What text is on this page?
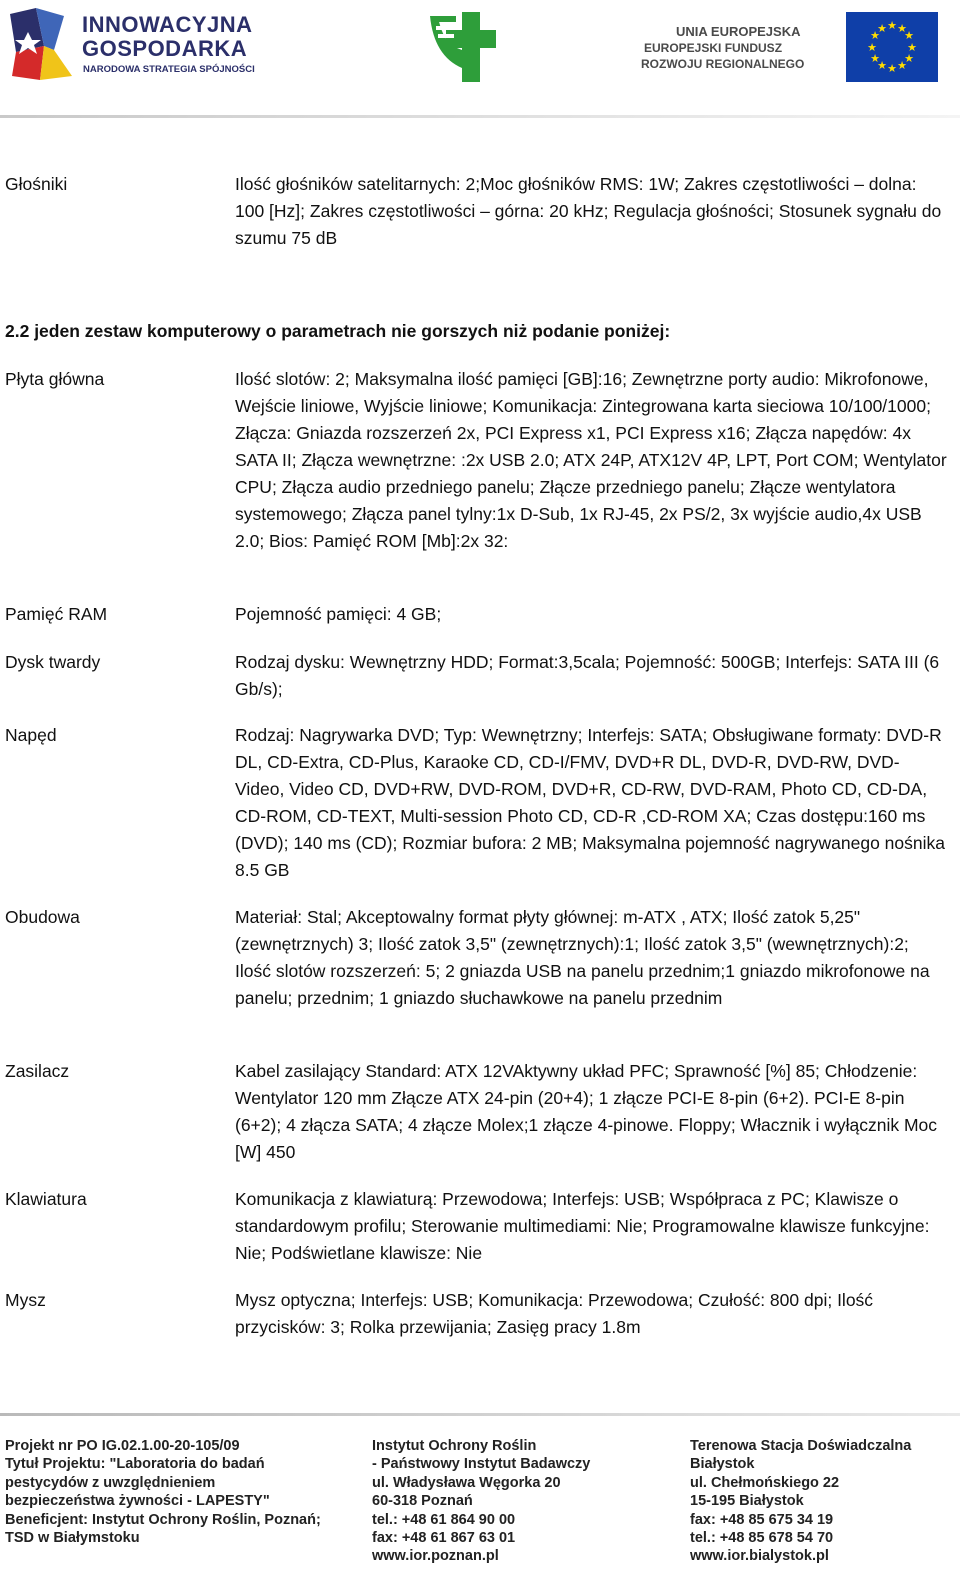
INNOWACYJNA
GOSPODARKA
NARODOWA STRATEGIA SPÓJNOŚCI
UNIA EUROPEJSKA
EUROPEJSKI FUNDUSZ
ROZWOJU REGIONALNEGO
★ ★
★
★
★
★
★
★
★
★
★
★
Głośniki	Ilość głośników satelitarnych: 2;Moc głośników RMS: 1W; Zakres częstotliwości – dolna: 100 [Hz]; Zakres częstotliwości – górna: 20 kHz; Regulacja głośności; Stosunek sygnału do szumu 75 dB
2.2 jeden zestaw komputerowy o parametrach nie gorszych niż podanie poniżej:
Płyta główna	Ilość slotów: 2; Maksymalna ilość pamięci [GB]:16; Zewnętrzne porty audio: Mikrofonowe, Wejście liniowe, Wyjście liniowe; Komunikacja: Zintegrowana karta sieciowa 10/100/1000; Złącza: Gniazda rozszerzeń 2x, PCI Express x1, PCI Express x16; Złącza napędów: 4x SATA II; Złącza wewnętrzne: :2x USB 2.0; ATX 24P, ATX12V 4P, LPT, Port COM; Wentylator CPU; Złącza audio przedniego panelu; Złącze przedniego panelu; Złącze wentylatora systemowego; Złącza panel tylny:1x D-Sub, 1x RJ-45, 2x PS/2, 3x wyjście audio,4x USB 2.0; Bios: Pamięć ROM [Mb]:2x 32:
Pamięć RAM	Pojemność pamięci: 4 GB;
Dysk twardy	Rodzaj dysku: Wewnętrzny HDD; Format:3,5cala; Pojemność: 500GB; Interfejs: SATA III (6 Gb/s);
Napęd	Rodzaj: Nagrywarka DVD; Typ: Wewnętrzny; Interfejs: SATA; Obsługiwane formaty: DVD-R DL, CD-Extra, CD-Plus, Karaoke CD, CD-I/FMV, DVD+R DL, DVD-R, DVD-RW, DVD-Video, Video CD, DVD+RW, DVD-ROM, DVD+R, CD-RW, DVD-RAM, Photo CD, CD-DA, CD-ROM, CD-TEXT, Multi-session Photo CD, CD-R ,CD-ROM XA; Czas dostępu:160 ms (DVD); 140 ms (CD); Rozmiar bufora: 2 MB; Maksymalna pojemność nagrywanego nośnika 8.5 GB
Obudowa	Materiał: Stal; Akceptowalny format płyty głównej: m-ATX , ATX; Ilość zatok 5,25" (zewnętrznych) 3; Ilość zatok 3,5" (zewnętrznych):1; Ilość zatok 3,5" (wewnętrznych):2; Ilość slotów rozszerzeń: 5; 2 gniazda USB na panelu przednim;1 gniazdo mikrofonowe na panelu; przednim; 1 gniazdo słuchawkowe na panelu przednim
Zasilacz	Kabel zasilający Standard: ATX 12VAktywny układ PFC; Sprawność [%] 85; Chłodzenie: Wentylator 120 mm Złącze ATX 24-pin (20+4); 1 złącze PCI-E 8-pin (6+2). PCI-E 8-pin (6+2); 4 złącza SATA; 4 złącze Molex;1 złącze 4-pinowe. Floppy; Włacznik i wyłącznik Moc [W] 450
Klawiatura	Komunikacja z klawiaturą: Przewodowa; Interfejs: USB; Współpraca z PC; Klawisze o standardowym profilu; Sterowanie multimediami: Nie; Programowalne klawisze funkcyjne: Nie; Podświetlane klawisze: Nie
Mysz	Mysz optyczna; Interfejs: USB; Komunikacja: Przewodowa; Czułość: 800 dpi; Ilość przycisków: 3; Rolka przewijania; Zasięg pracy 1.8m
Projekt nr PO IG.02.1.00-20-105/09
Tytuł Projektu: "Laboratoria do badań
pestycydów z uwzględnieniem
bezpieczeństwa żywności - LAPESTY"
Beneficjent: Instytut Ochrony Roślin, Poznań;
TSD w Białymstoku
Instytut Ochrony Roślin
- Państwowy Instytut Badawczy
ul. Władysława Węgorka 20
60-318 Poznań
tel.: +48 61 864 90 00
fax: +48 61 867 63 01
www.ior.poznan.pl
Terenowa Stacja Doświadczalna
Białystok
ul. Chełmońskiego 22
15-195 Białystok
fax: +48 85 675 34 19
tel.: +48 85 678 54 70
www.ior.bialystok.pl
